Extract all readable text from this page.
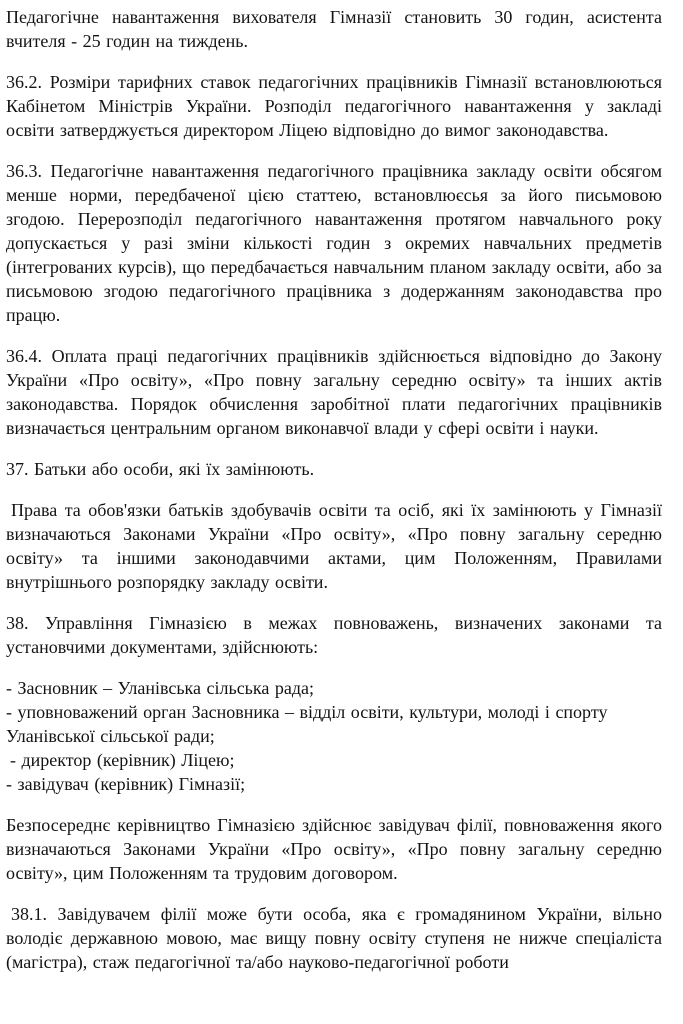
Педагогічне навантаження вихователя Гімназії становить 30 годин, асистента вчителя - 25 годин на тиждень.

36.2. Розміри тарифних ставок педагогічних працівників Гімназії встановлюються Кабінетом Міністрів України. Розподіл педагогічного навантаження у закладі освіти затверджується директором Ліцею відповідно до вимог законодавства.

36.3. Педагогічне навантаження педагогічного працівника закладу освіти обсягом менше норми, передбаченої цією статтею, встановлюєсья за його письмовою згодою. Перерозподіл педагогічного навантаження протягом навчального року допускається у разі зміни кількості годин з окремих навчальних предметів (інтегрованих курсів), що передбачається навчальним планом закладу освіти, або за письмовою згодою педагогічного працівника з додержанням законодавства про працю.

36.4. Оплата праці педагогічних працівників здійснюється відповідно до Закону України «Про освіту», «Про повну загальну середню освіту» та інших актів законодавства. Порядок обчислення заробітної плати педагогічних працівників визначається центральним органом виконавчої влади у сфері освіти і науки.

37. Батьки або особи, які їх замінюють.

Права та обов'язки батьків здобувачів освіти та осіб, які їх замінюють у Гімназії визначаються Законами України «Про освіту», «Про повну загальну середню освіту» та іншими законодавчими актами, цим Положенням, Правилами внутрішнього розпорядку закладу освіти.

38. Управління Гімназією в межах повноважень, визначених законами та установчими документами, здійснюють:

- Засновник – Уланівська сільська рада;

- уповноважений орган Засновника – відділ освіти, культури, молоді і спорту Уланівської сільської ради;

- директор (керівник) Ліцею;

- завідувач (керівник) Гімназії;

Безпосереднє керівництво Гімназією здійснює завідувач філії, повноваження якого визначаються Законами України «Про освіту», «Про повну загальну середню освіту», цим Положенням та трудовим договором.

38.1. Завідувачем філії може бути особа, яка є громадянином України, вільно володіє державною мовою, має вищу повну освіту ступеня не нижче спеціаліста (магістра), стаж педагогічної та/або науково-педагогічної роботи
